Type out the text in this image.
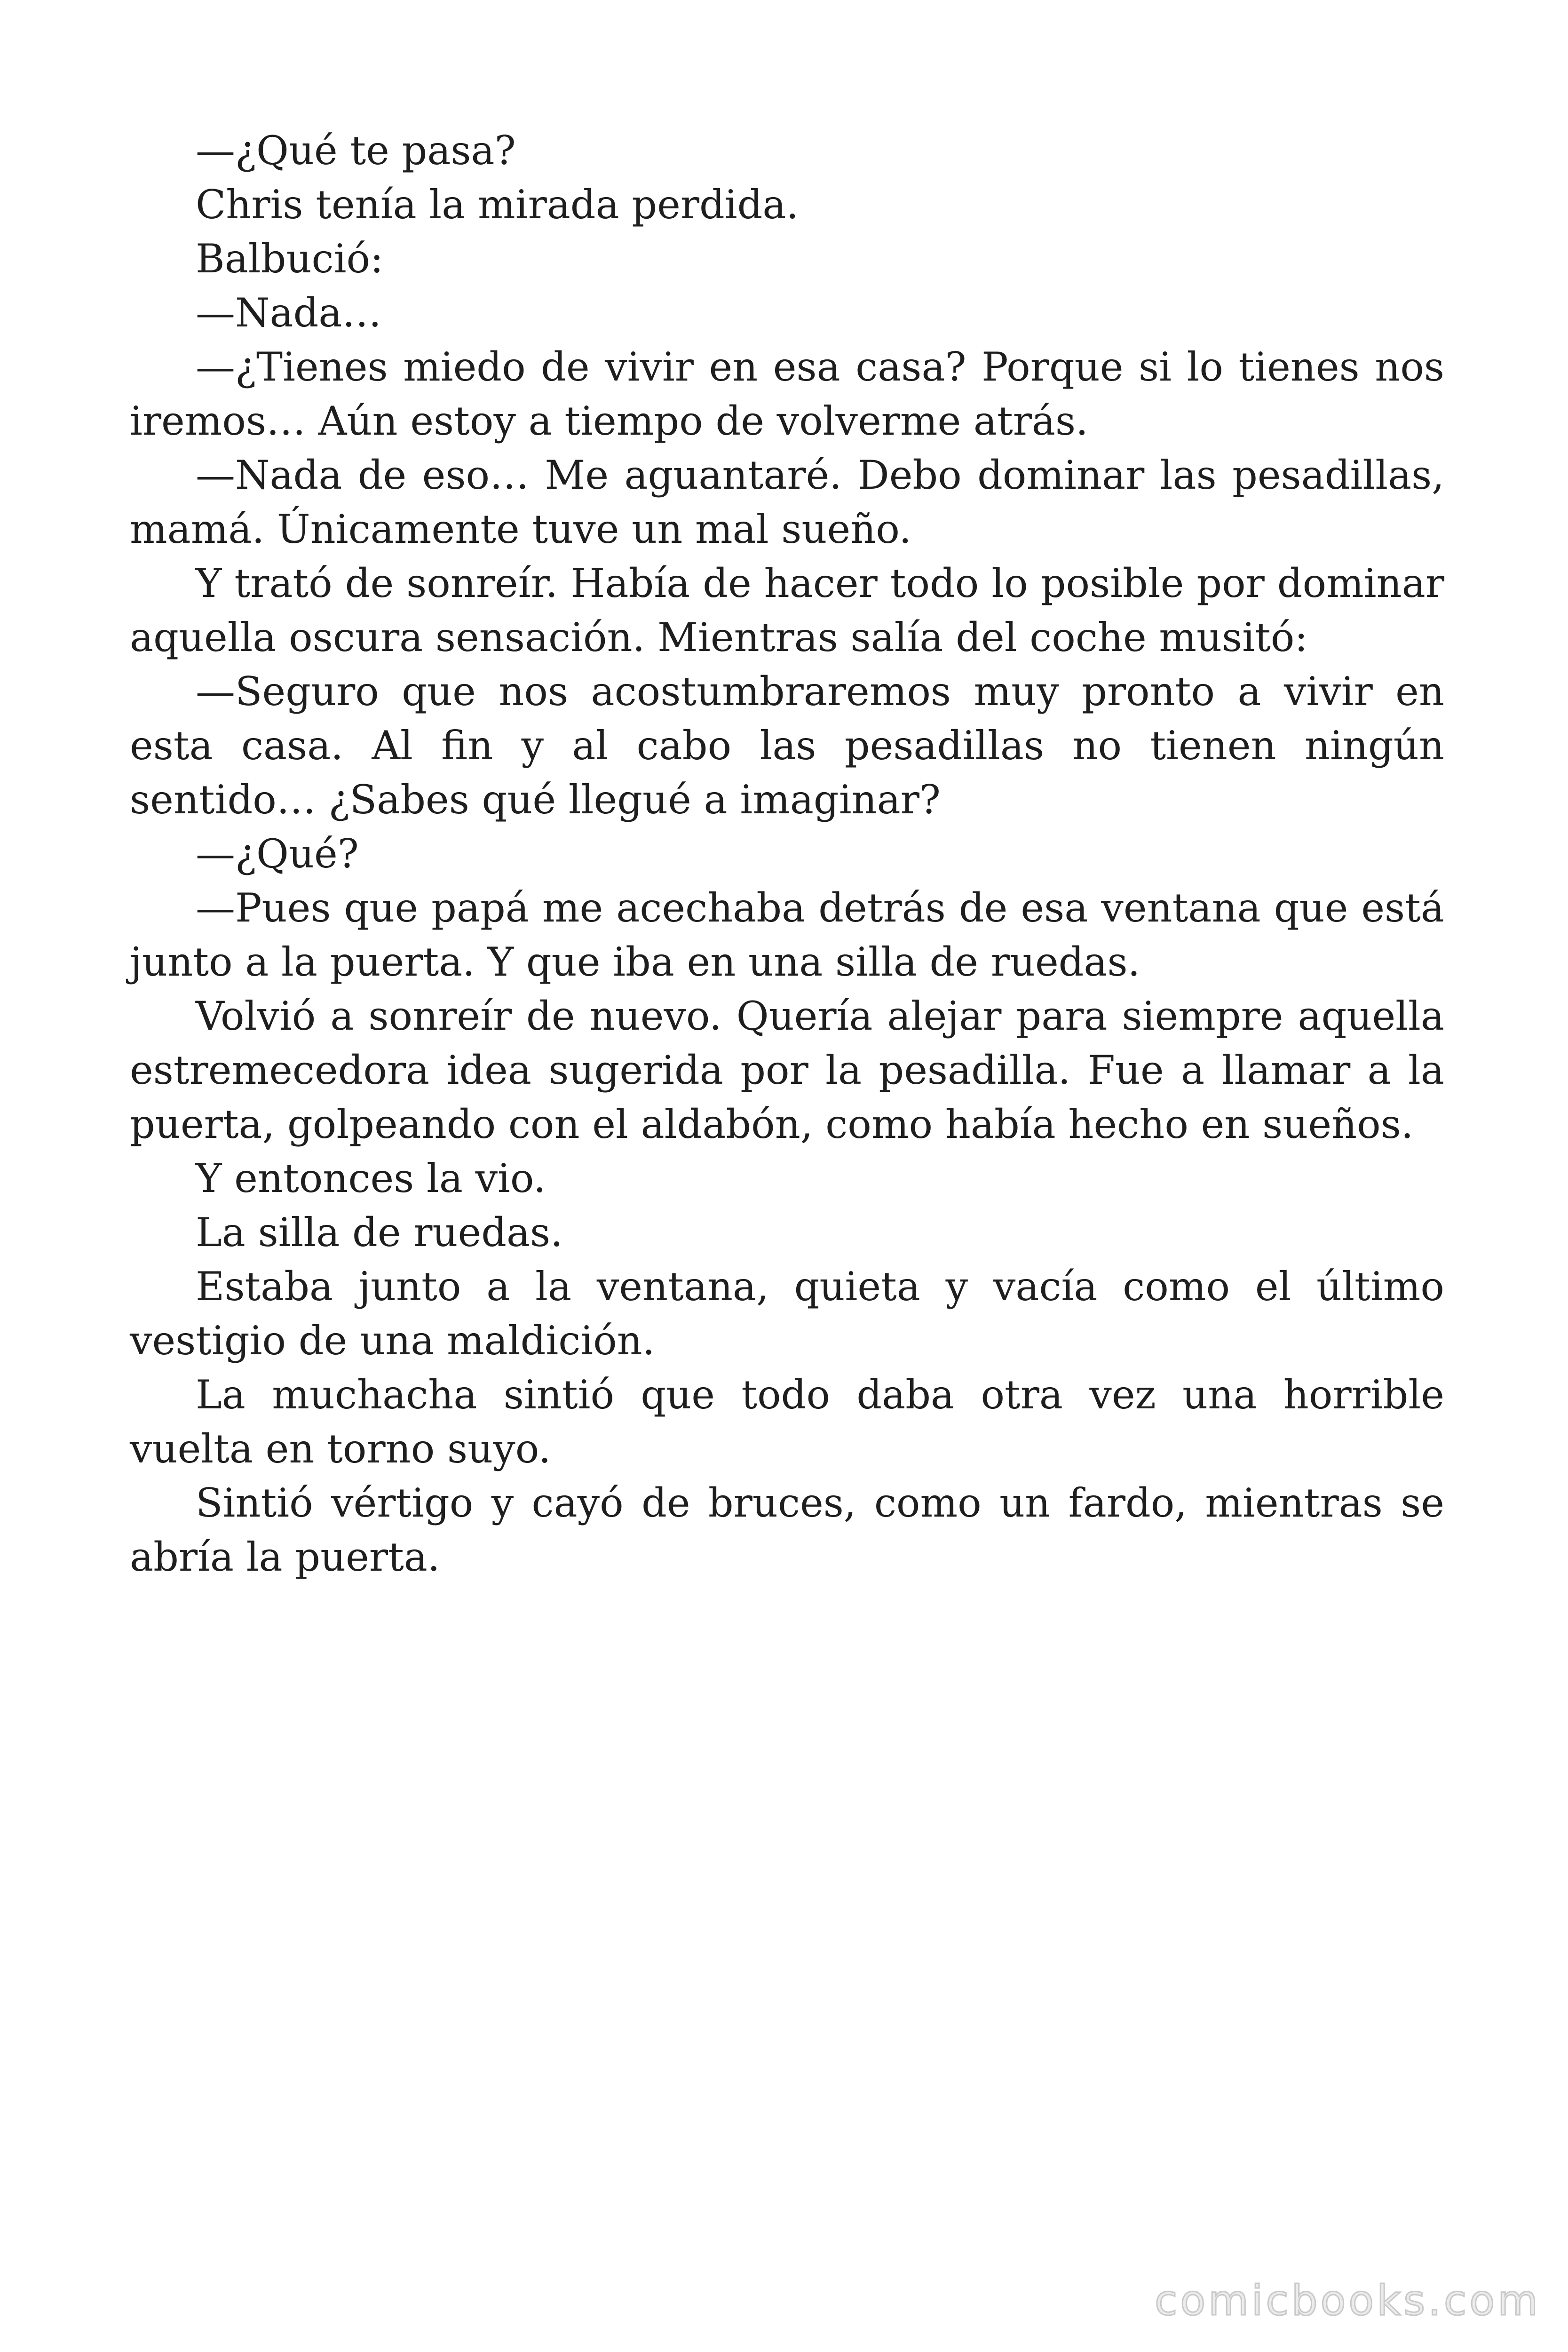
—¿Qué te pasa?

Chris tenía la mirada perdida.

Balbució:

—Nada…

—¿Tienes miedo de vivir en esa casa? Porque si lo tienes nos iremos… Aún estoy a tiempo de volverme atrás.

—Nada de eso… Me aguantaré. Debo dominar las pesadillas, mamá. Únicamente tuve un mal sueño.

Y trató de sonreír. Había de hacer todo lo posible por dominar aquella oscura sensación. Mientras salía del coche musitó:

—Seguro que nos acostumbraremos muy pronto a vivir en esta casa. Al fin y al cabo las pesadillas no tienen ningún sentido… ¿Sabes qué llegué a imaginar?

—¿Qué?

—Pues que papá me acechaba detrás de esa ventana que está junto a la puerta. Y que iba en una silla de ruedas.

Volvió a sonreír de nuevo. Quería alejar para siempre aquella estremecedora idea sugerida por la pesadilla. Fue a llamar a la puerta, golpeando con el aldabón, como había hecho en sueños.

Y entonces la vio.

La silla de ruedas.

Estaba junto a la ventana, quieta y vacía como el último vestigio de una maldición.

La muchacha sintió que todo daba otra vez una horrible vuelta en torno suyo.

Sintió vértigo y cayó de bruces, como un fardo, mientras se abría la puerta.

comicbooks.com
